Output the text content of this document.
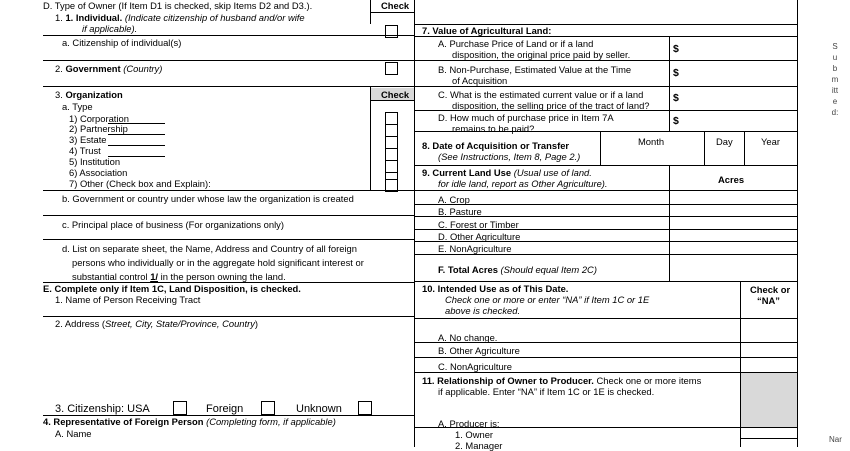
D. Type of Owner (If Item D1 is checked, skip Items D2 and D3.).	Check
1. 1. Individual. (Indicate citizenship of husband and/or wife
if applicable).
a. Citizenship of individual(s)
2. Government (Country)
3. Organization	Check
a. Type
1) Corporation
2) Partnership
3) Estate
4) Trust
5) Institution
6) Association
7) Other (Check box and Explain):
b. Government or country under whose law the organization is created
c. Principal place of business (For organizations only)
d. List on separate sheet, the Name, Address and Country of all foreign
persons who individually or in the aggregate hold significant interest or
substantial control 1/ in the person owning the land.
E. Complete only if Item 1C, Land Disposition, is checked.
1. Name of Person Receiving Tract
2. Address (Street, City, State/Province, Country)
3. Citizenship: USA	Foreign	Unknown
4. Representative of Foreign Person (Completing form, if applicable)
A. Name
7. Value of Agricultural Land:
A. Purchase Price of Land or if a land
disposition, the original price paid by seller.	$
B. Non-Purchase, Estimated Value at the Time
of Acquisition
$
C. What is the estimated current value or if a land
disposition, the selling price of the tract of land?
$
D. How much of purchase price in Item 7A
remains to be paid?
$
8. Date of Acquisition or Transfer
(See Instructions, Item 8, Page 2.)
Month	Day	Year
9. Current Land Use (Usual use of land.
for idle land, report as Other Agriculture).	Acres
A. Crop
B. Pasture
C. Forest or Timber
D. Other Agriculture
E. NonAgriculture
F. Total Acres (Should equal Item 2C)
10. Intended Use as of This Date.
Check one or more or enter “NA” if Item 1C or 1E
above is checked.
Check or
“NA”
A. No change.
B. Other Agriculture
C. NonAgriculture
11. Relationship of Owner to Producer. Check one or more items
if applicable. Enter “NA” if Item 1C or 1E is checked.
A. Producer is:
1. Owner
2. Manager
S
u
b
m
itt
e
d:
Nar
